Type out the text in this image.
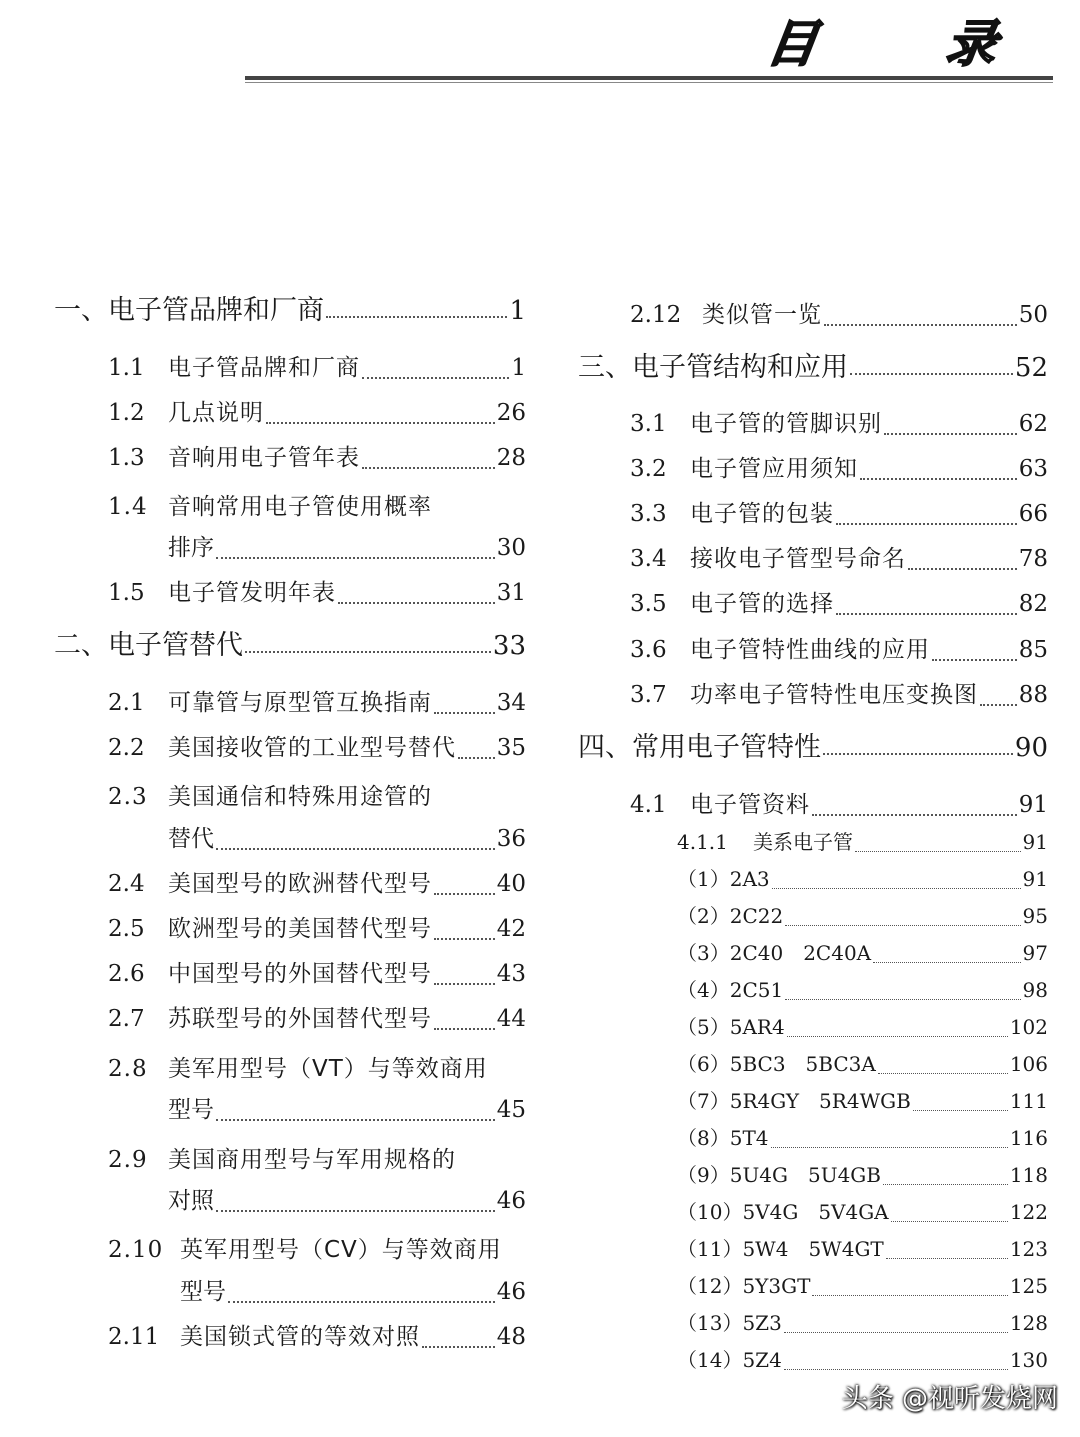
目 录
一、电子管品牌和厂商	1
1.1	电子管品牌和厂商	1
1.2	几点说明	26
1.3	音响用电子管年表	28
1.4 音响常用电子管使用概率
排序	30
1.5	电子管发明年表	31
二、电子管替代	33
2.1	可靠管与原型管互换指南	34
2.2	美国接收管的工业型号替代 35
2.3 美国通信和特殊用途管的
替代	36
2.4	美国型号的欧洲替代型号	40
2.5	欧洲型号的美国替代型号	42
2.6	中国型号的外国替代型号	43
2.7	苏联型号的外国替代型号	44
2.8 美军用型号（VT）与等效商用
型号	45
2.9 美国商用型号与军用规格的
对照	46
2.10 英军用型号（CV）与等效商用
型号	46
2.11 美国锁式管的等效对照	48
2.12 类似管一览	50
三、电子管结构和应用	52
3.1	电子管的管脚识别	62
3.2	电子管应用须知	63
3.3	电子管的包装	66
3.4	接收电子管型号命名	78
3.5	电子管的选择	82
3.6	电子管特性曲线的应用	85
3.7	功率电子管特性电压变换图 88
四、常用电子管特性	90
4.1	电子管资料	91
4.1.1	美系电子管	91
（1）2A3	91
（2）2C22	95
（3）2C40　2C40A	97
（4）2C51	98
（5）5AR4	102
（6）5BC3　5BC3A	106
（7）5R4GY　5R4WGB	111
（8）5T4	116
（9）5U4G　5U4GB	118
（10）5V4G　5V4GA	122
（11）5W4　5W4GT	123
（12）5Y3GT	125
（13）5Z3	128
（14）5Z4	130
头条 @视听发烧网
